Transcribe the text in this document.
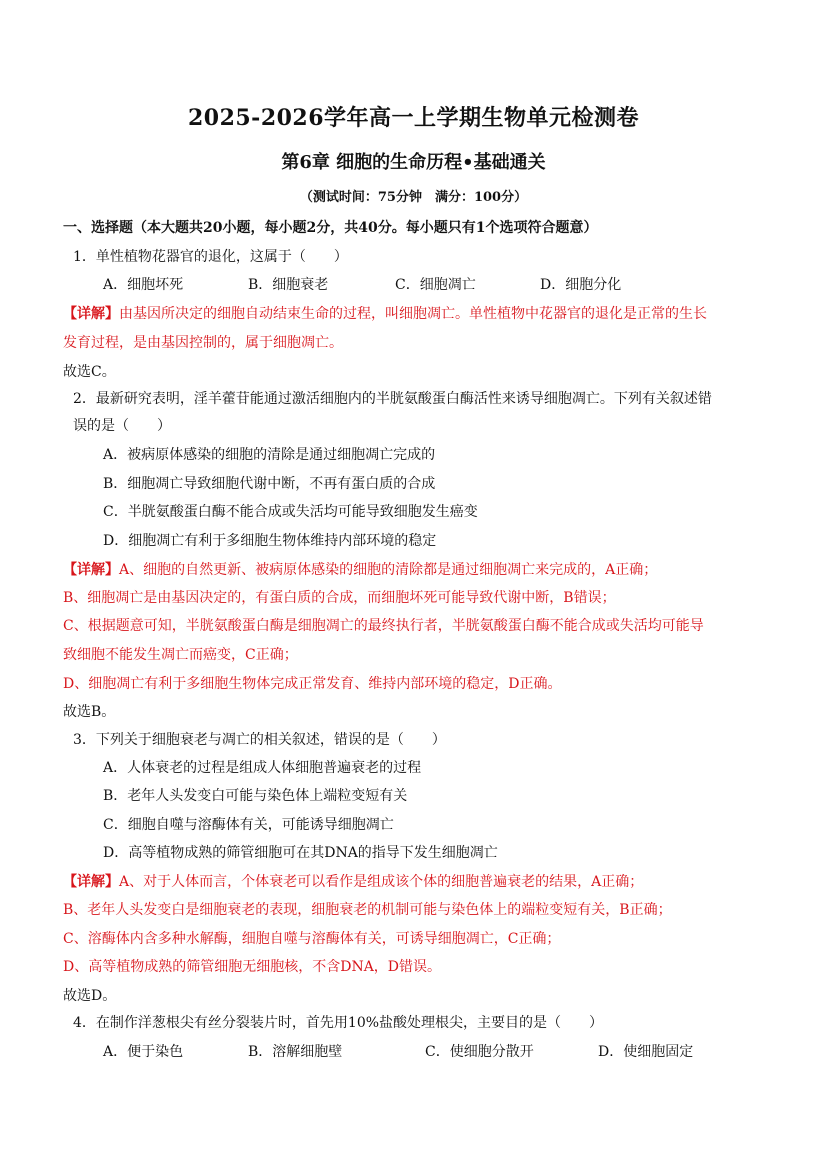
2025-2026学年高一上学期生物单元检测卷
第6章 细胞的生命历程•基础通关
（测试时间：75分钟　满分：100分）
一、选择题（本大题共20小题，每小题2分，共40分。每小题只有1个选项符合题意）
1．单性植物花器官的退化，这属于（　　）
A．细胞坏死	B．细胞衰老	C．细胞凋亡	D．细胞分化
【详解】由基因所决定的细胞自动结束生命的过程，叫细胞凋亡。单性植物中花器官的退化是正常的生长
发育过程，是由基因控制的，属于细胞凋亡。
故选C。
2．最新研究表明，淫羊藿苷能通过激活细胞内的半胱氨酸蛋白酶活性来诱导细胞凋亡。下列有关叙述错
误的是（　　）
A．被病原体感染的细胞的清除是通过细胞凋亡完成的
B．细胞凋亡导致细胞代谢中断，不再有蛋白质的合成
C．半胱氨酸蛋白酶不能合成或失活均可能导致细胞发生癌变
D．细胞凋亡有利于多细胞生物体维持内部环境的稳定
【详解】A、细胞的自然更新、被病原体感染的细胞的清除都是通过细胞凋亡来完成的，A正确；
B、细胞凋亡是由基因决定的，有蛋白质的合成，而细胞坏死可能导致代谢中断，B错误；
C、根据题意可知，半胱氨酸蛋白酶是细胞凋亡的最终执行者，半胱氨酸蛋白酶不能合成或失活均可能导
致细胞不能发生凋亡而癌变，C正确；
D、细胞凋亡有利于多细胞生物体完成正常发育、维持内部环境的稳定，D正确。
故选B。
3．下列关于细胞衰老与凋亡的相关叙述，错误的是（　　）
A．人体衰老的过程是组成人体细胞普遍衰老的过程
B．老年人头发变白可能与染色体上端粒变短有关
C．细胞自噬与溶酶体有关，可能诱导细胞凋亡
D．高等植物成熟的筛管细胞可在其DNA的指导下发生细胞凋亡
【详解】A、对于人体而言，个体衰老可以看作是组成该个体的细胞普遍衰老的结果，A正确；
B、老年人头发变白是细胞衰老的表现，细胞衰老的机制可能与染色体上的端粒变短有关，B正确；
C、溶酶体内含多种水解酶，细胞自噬与溶酶体有关，可诱导细胞凋亡，C正确；
D、高等植物成熟的筛管细胞无细胞核，不含DNA，D错误。
故选D。
4．在制作洋葱根尖有丝分裂装片时，首先用10%盐酸处理根尖，主要目的是（　　）
A．便于染色	B．溶解细胞壁	C．使细胞分散开	D．使细胞固定
